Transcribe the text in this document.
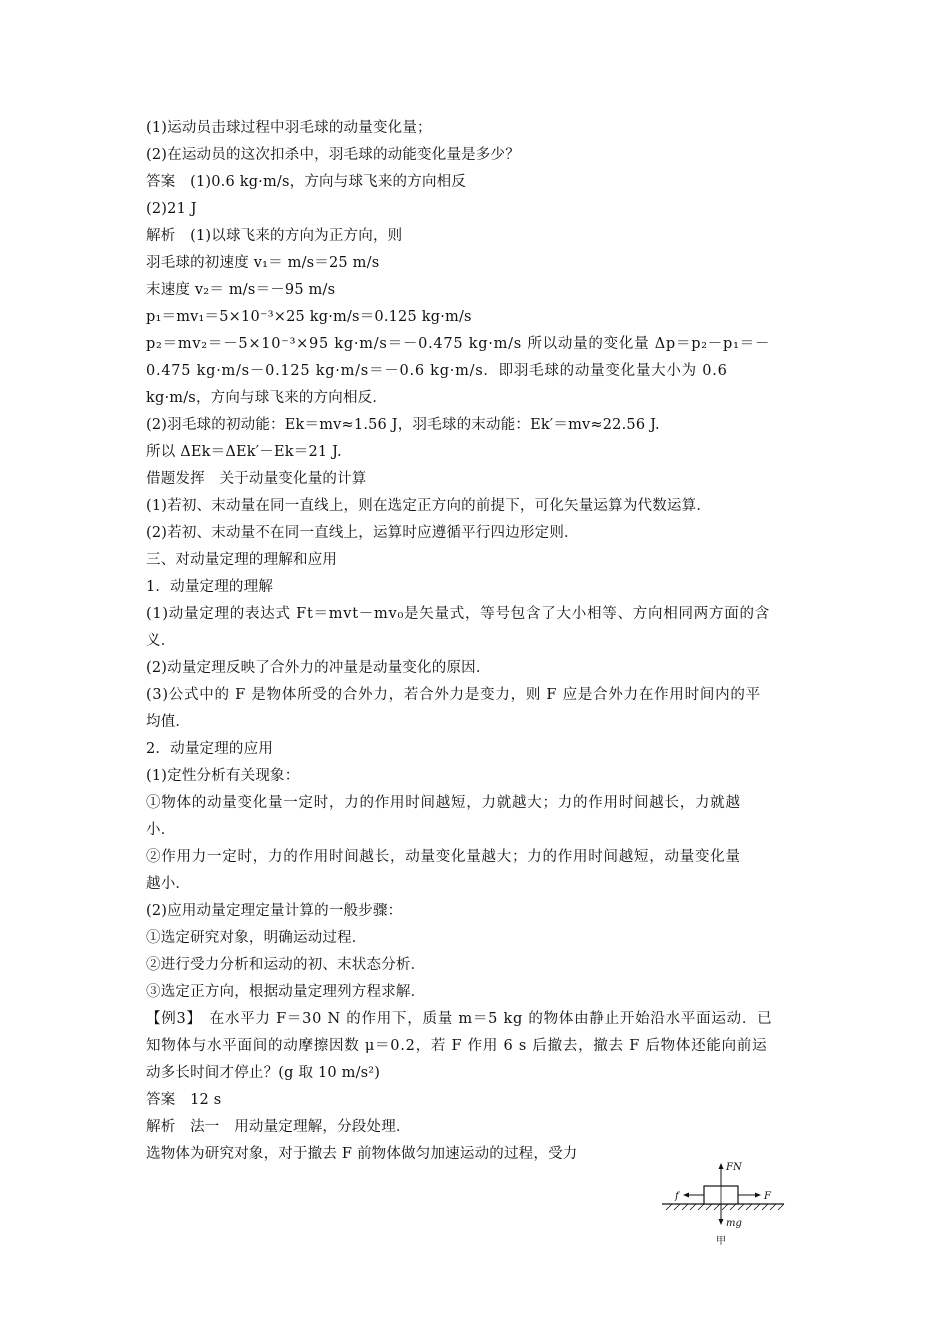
(1)运动员击球过程中羽毛球的动量变化量；
(2)在运动员的这次扣杀中，羽毛球的动能变化量是多少？
答案　(1)0.6 kg·m/s，方向与球飞来的方向相反
(2)21 J
解析　(1)以球飞来的方向为正方向，则
羽毛球的初速度 v₁＝ m/s＝25 m/s
末速度 v₂＝ m/s＝－95 m/s
p₁＝mv₁＝5×10⁻³×25 kg·m/s＝0.125 kg·m/s
p₂＝mv₂＝－5×10⁻³×95 kg·m/s＝－0.475 kg·m/s 所以动量的变化量 Δp＝p₂－p₁＝－
0.475 kg·m/s－0.125 kg·m/s＝－0.6 kg·m/s．即羽毛球的动量变化量大小为 0.6
kg·m/s，方向与球飞来的方向相反．
(2)羽毛球的初动能：Ek＝mv≈1.56 J，羽毛球的末动能：Ek′＝mv≈22.56 J.
所以 ΔEk＝ΔEk′－Ek＝21 J.
借题发挥　关于动量变化量的计算
(1)若初、末动量在同一直线上，则在选定正方向的前提下，可化矢量运算为代数运算．
(2)若初、末动量不在同一直线上，运算时应遵循平行四边形定则．
三、对动量定理的理解和应用
1．动量定理的理解
(1)动量定理的表达式 Ft＝mvt－mv₀是矢量式，等号包含了大小相等、方向相同两方面的含
义．
(2)动量定理反映了合外力的冲量是动量变化的原因．
(3)公式中的 F 是物体所受的合外力，若合外力是变力，则 F 应是合外力在作用时间内的平
均值．
2．动量定理的应用
(1)定性分析有关现象：
①物体的动量变化量一定时，力的作用时间越短，力就越大；力的作用时间越长，力就越
小．
②作用力一定时，力的作用时间越长，动量变化量越大；力的作用时间越短，动量变化量
越小．
(2)应用动量定理定量计算的一般步骤：
①选定研究对象，明确运动过程．
②进行受力分析和运动的初、末状态分析．
③选定正方向，根据动量定理列方程求解．
【例3】　在水平力 F＝30 N 的作用下，质量 m＝5 kg 的物体由静止开始沿水平面运动．已
知物体与水平面间的动摩擦因数 μ＝0.2，若 F 作用 6 s 后撤去，撤去 F 后物体还能向前运
动多长时间才停止？(g 取 10 m/s²)
答案　12 s
解析　法一　用动量定理解，分段处理．
选物体为研究对象，对于撤去 F 前物体做匀加速运动的过程，受力
FN
f	F
mg
甲
